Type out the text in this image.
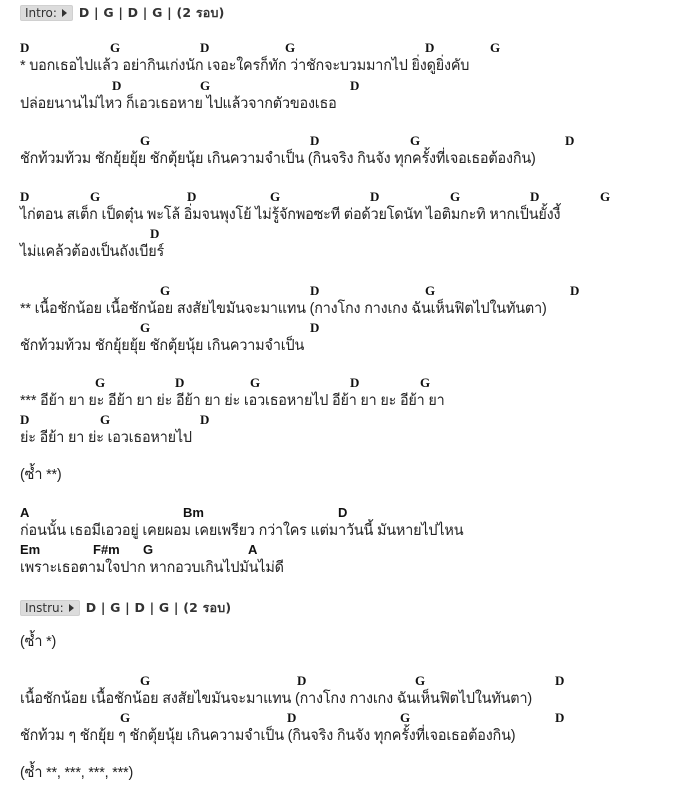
Intro: D | G | D | G | (2 รอบ)
D	G	D	G	D	G
* บอกเธอไปแล้ว อย่ากินเก่งนัก เจอะใครก็ทัก ว่าชักจะบวมมากไป ยิ่งดูยิ่งคับ
D	G	D
ปล่อยนานไม่ไหว ก็เอวเธอหาย ไปแล้วจากตัวของเธอ
G	D	G	D
ชักท้วมท้วม ชักยุ้ยยุ้ย ชักตุ้ยนุ้ย เกินความจำเป็น (กินจริง กินจัง ทุกครั้งที่เจอเธอต้องกิน)
D	G	D	G	D	G	D	G
ไก่ตอน สเต็ก เป็ดตุ๋น พะโล้ อิ่มจนพุงโย้ ไม่รู้จักพอซะที ต่อด้วยโดนัท ไอติมกะทิ หากเป็นยั้งงี้
D
ไม่แคล้วต้องเป็นถังเบียร์
G	D	G	D
** เนื้อชักน้อย เนื้อชักน้อย สงสัยไขมันจะมาแทน (กางโกง กางเกง ฉันเห็นฟิตไปในทันตา)
G	D
ชักท้วมท้วม ชักยุ้ยยุ้ย ชักตุ้ยนุ้ย เกินความจำเป็น
G	D	G	D	G
*** อีย้า ยา ยะ อีย้า ยา ย่ะ อีย้า ยา ย่ะ เอวเธอหายไป อีย้า ยา ยะ อีย้า ยา
D	G	D
ย่ะ อีย้า ยา ย่ะ เอวเธอหายไป
(ซ้ำ **)
A	Bm	D
ก่อนนั้น เธอมีเอวอยู่ เคยผอม เคยเพรียว กว่าใคร แต่มาวันนี้ มันหายไปไหน
Em	F#m G	A
เพราะเธอตามใจปาก หากอวบเกินไปมันไม่ดี
Instru: D | G | D | G | (2 รอบ)
(ซ้ำ *)
G	D	G	D
เนื้อชักน้อย เนื้อชักน้อย สงสัยไขมันจะมาแทน (กางโกง กางเกง ฉันเห็นฟิตไปในทันตา)
G	D	G	D
ชักท้วม ๆ ชักยุ้ย ๆ ชักตุ้ยนุ้ย เกินความจำเป็น (กินจริง กินจัง ทุกครั้งที่เจอเธอต้องกิน)
(ซ้ำ **, ***, ***, ***)
